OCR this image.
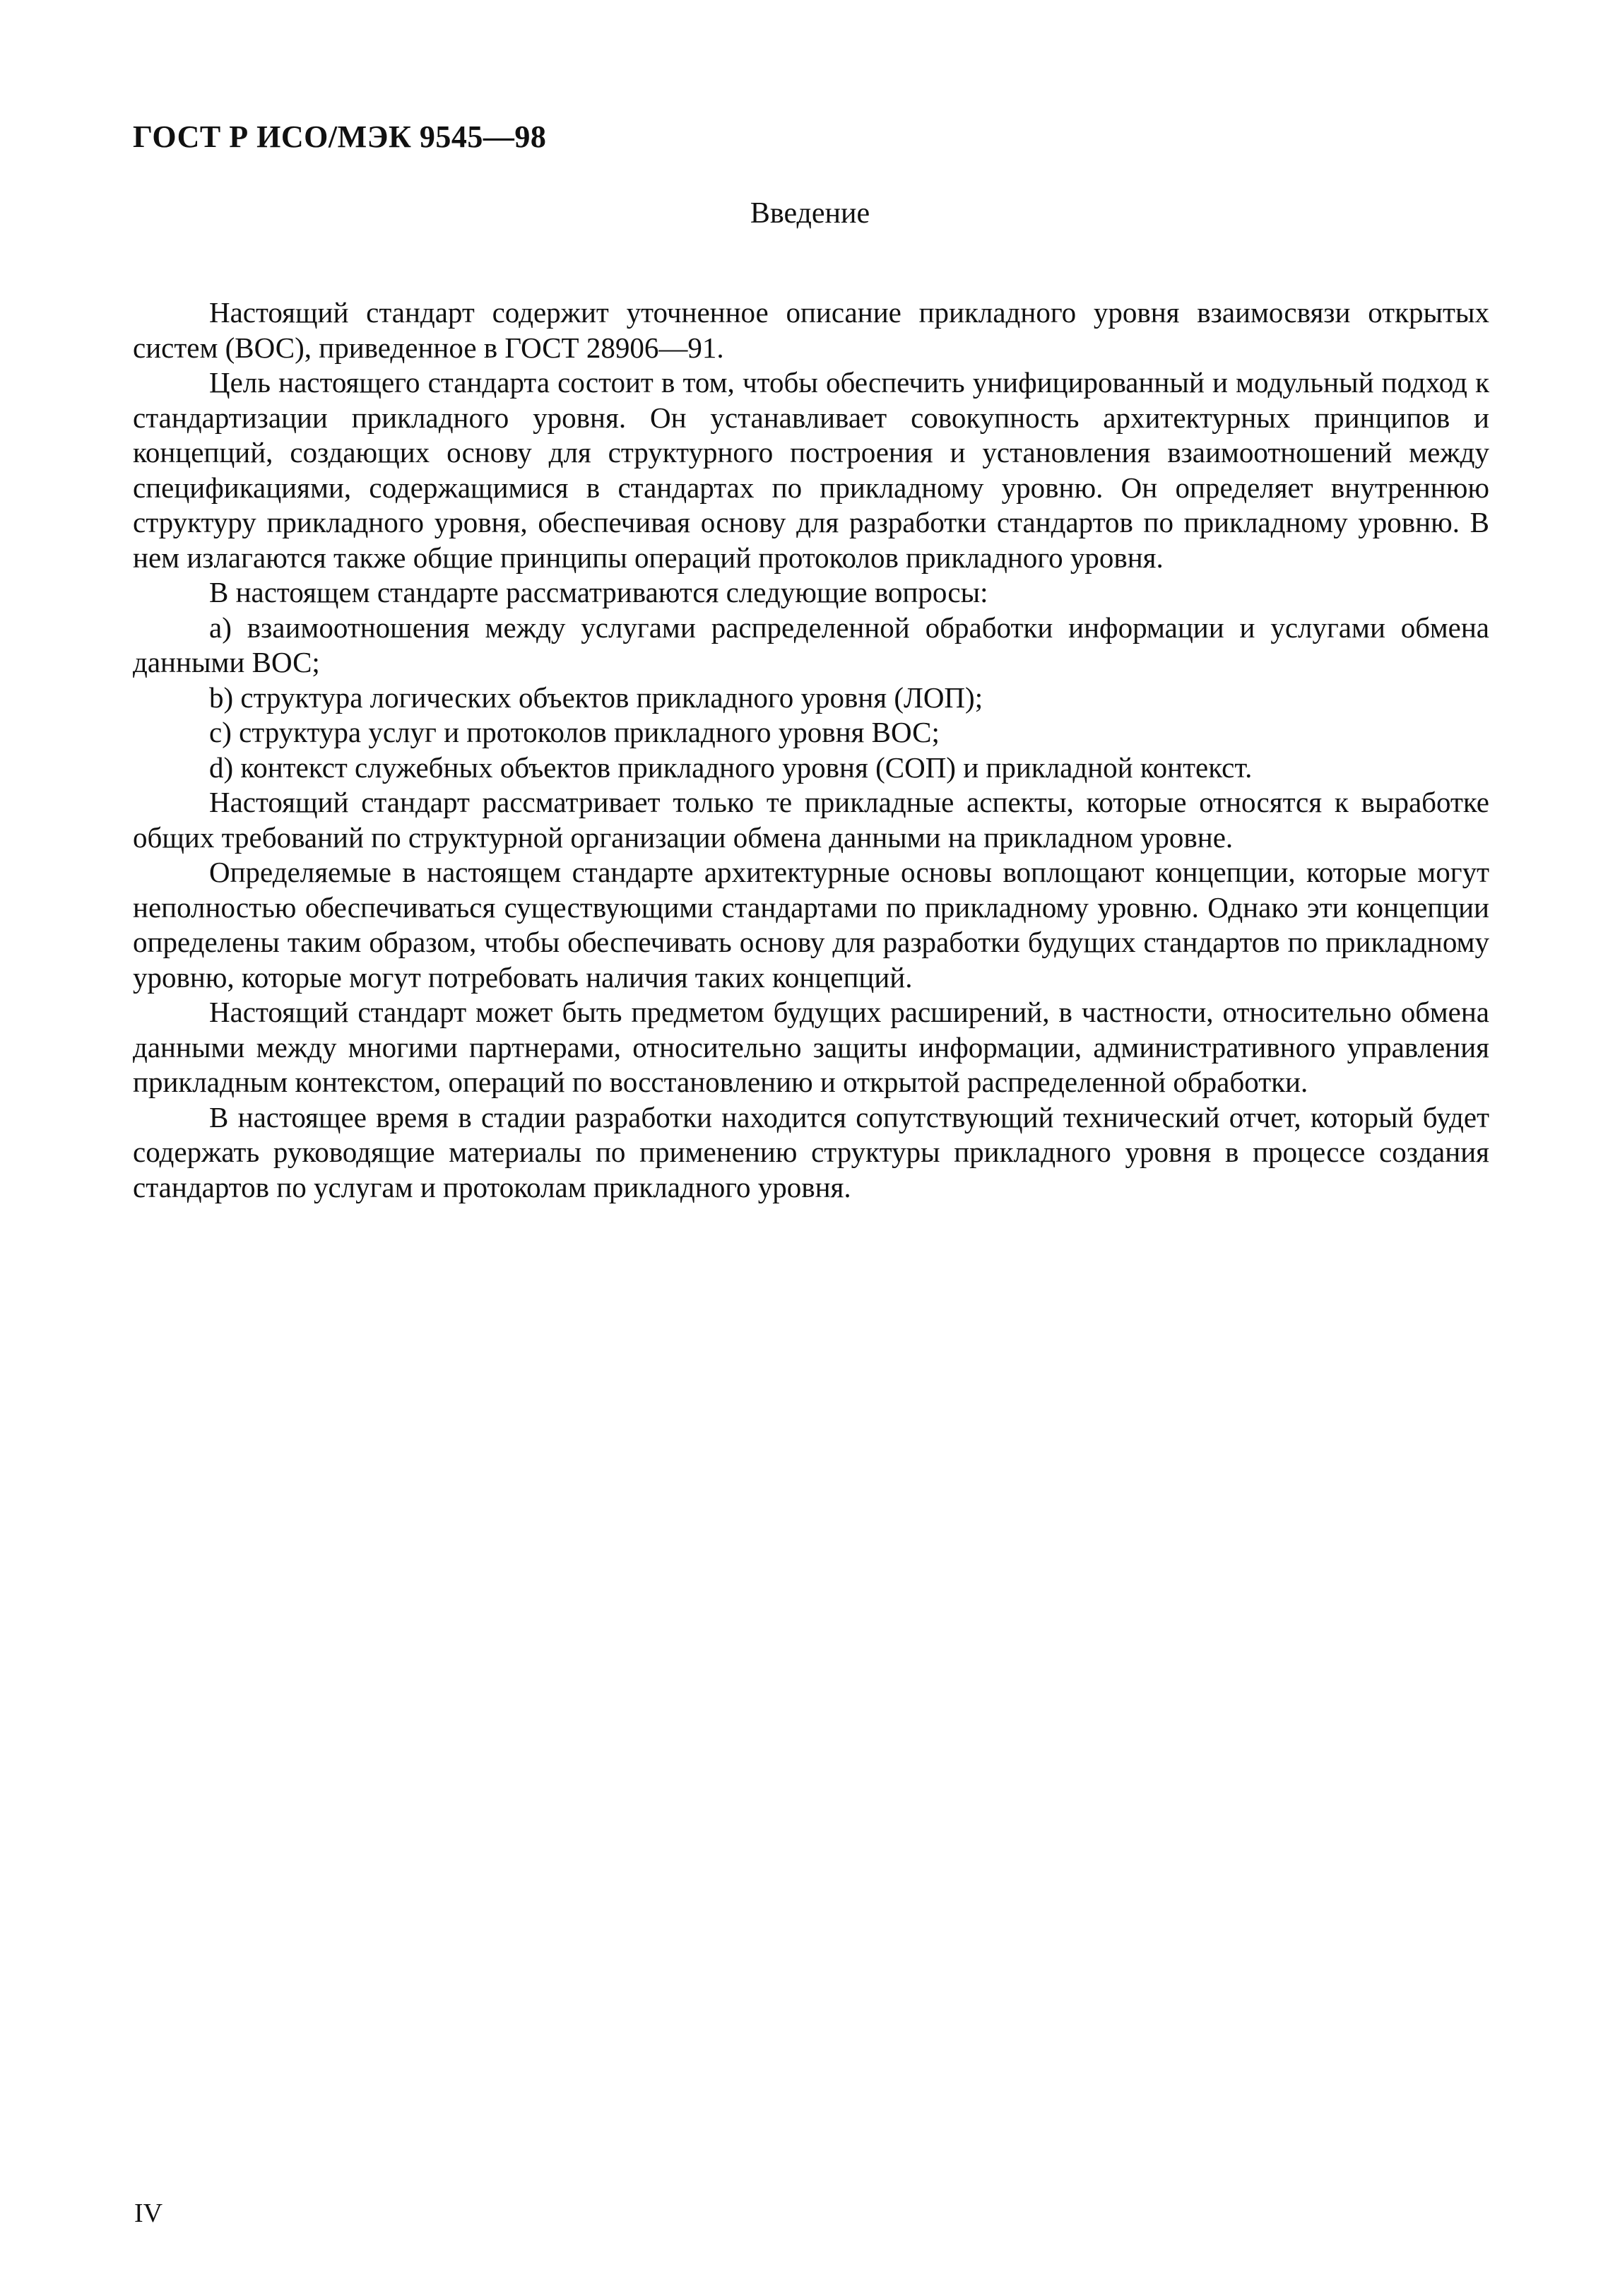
ГОСТ Р ИСО/МЭК 9545—98
Введение

Настоящий стандарт содержит уточненное описание прикладного уровня взаимосвязи открытых систем (ВОС), приведенное в ГОСТ 28906—91.

Цель настоящего стандарта состоит в том, чтобы обеспечить унифицированный и модульный подход к стандартизации прикладного уровня. Он устанавливает совокупность архитектурных принципов и концепций, создающих основу для структурного построения и установления взаимоотношений между спецификациями, содержащимися в стандартах по прикладному уровню. Он определяет внутреннюю структуру прикладного уровня, обеспечивая основу для разработки стандартов по прикладному уровню. В нем излагаются также общие принципы операций протоколов прикладного уровня.

В настоящем стандарте рассматриваются следующие вопросы:

а) взаимоотношения между услугами распределенной обработки информации и услугами обмена данными ВОС;

b) структура логических объектов прикладного уровня (ЛОП);

с) структура услуг и протоколов прикладного уровня ВОС;

d) контекст служебных объектов прикладного уровня (СОП) и прикладной контекст.

Настоящий стандарт рассматривает только те прикладные аспекты, которые относятся к выработке общих требований по структурной организации обмена данными на прикладном уровне.

Определяемые в настоящем стандарте архитектурные основы воплощают концепции, которые могут неполностью обеспечиваться существующими стандартами по прикладному уровню. Однако эти концепции определены таким образом, чтобы обеспечивать основу для разработки будущих стандартов по прикладному уровню, которые могут потребовать наличия таких концепций.

Настоящий стандарт может быть предметом будущих расширений, в частности, относительно обмена данными между многими партнерами, относительно защиты информации, административного управления прикладным контекстом, операций по восстановлению и открытой распределенной обработки.

В настоящее время в стадии разработки находится сопутствующий технический отчет, который будет содержать руководящие материалы по применению структуры прикладного уровня в процессе создания стандартов по услугам и протоколам прикладного уровня.

IV
